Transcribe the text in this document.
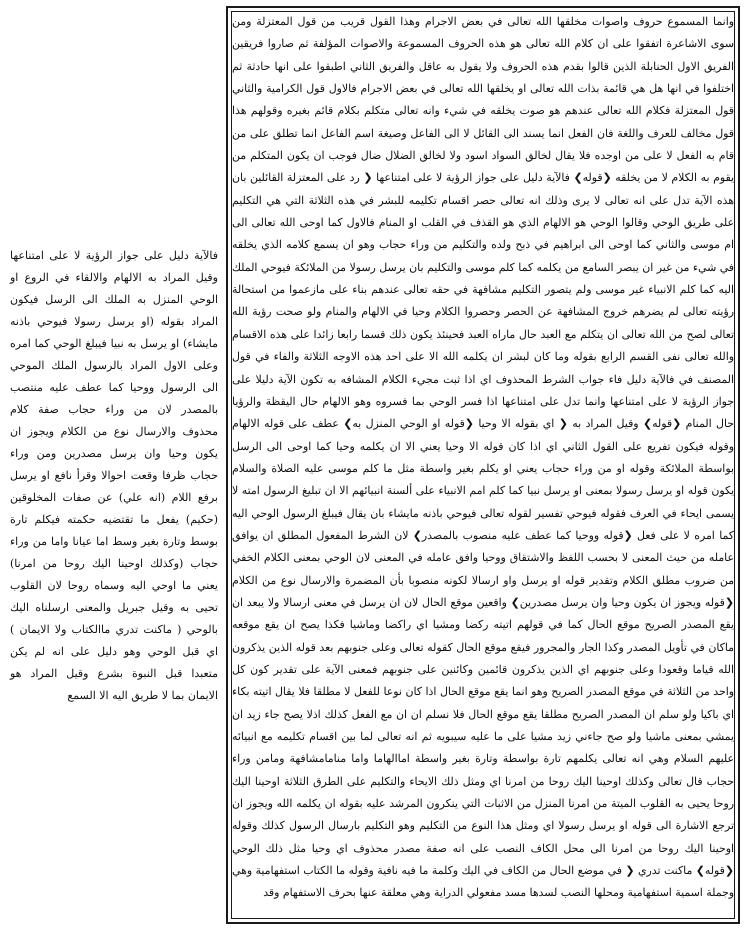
وانما المسموع حروف واصوات مخلقها الله تعالى في بعض الاجرام وهذا القول قريب من قول المعتزلة ومن سوى الاشاعرة اتفقوا على ان كلام الله تعالى هو هذه الحروف المسموعة والاصوات المؤلفة ثم صاروا فريقين الفريق الاول الحنابلة الذين قالوا بقدم هذه الحروف ولا يقول به عاقل والفريق الثاني اطبقوا على انها حادثة ثم اختلفوا في انها هل هي قائمة بذات الله تعالى او يخلقها الله تعالى في بعض الاجرام فالاول قول الكرامية والثاني قول المعتزلة فكلام الله تعالى عندهم هو صوت يخلقه في شيء وانه تعالى متكلم بكلام قائم بغيره وقولهم هذا قول مخالف للعرف واللغة فان الفعل انما يسند الى القائل لا الى الفاعل وصيغة اسم الفاعل انما تطلق على من قام به الفعل لا على من اوجده فلا يقال لخالق السواد اسود ولا لخالق الضلال ضال فوجب ان يكون المتكلم من يقوم به الكلام لا من يخلقه ❮قوله❯ فالآية دليل على جواز الرؤية لا على امتناعها ❮ رد على المعتزلة القائلين بان هذه الآية تدل على انه تعالى لا يرى وذلك انه تعالى حصر اقسام تكليمه للبشر في هذه الثلاثة التي هي التكليم على طريق الوحي وقالوا الوحي هو الالهام الذي هو القذف في القلب او المنام فالاول كما اوحى الله تعالى الى ام موسى والثاني كما اوحى الى ابراهيم في ذبح ولده والتكليم من وراء حجاب وهو ان يسمع كلامه الذي يخلقه في شيء من غير ان يبصر السامع من يكلمه كما كلم موسى والتكليم بان يرسل رسولا من الملائكة فيوحي الملك اليه كما كلم الانبياء غير موسى ولم يتصور التكليم مشافهة في حقه تعالى عندهم بناء على مازعموا من استحالة رؤيته تعالى لم يضرهم خروج المشافهة عن الحصر وحصروا الكلام وحيا في الالهام والمنام ولو صحت رؤية الله تعالى لصح من الله تعالى ان يتكلم مع العبد حال ماراه العبد فحينئذ يكون ذلك قسما رابعا زائدا على هذه الاقسام والله تعالى نفى القسم الرابع بقوله وما كان لبشر ان يكلمه الله الا على احد هذه الاوجه الثلاثة والفاء في قول المصنف في فالآية دليل فاء جواب الشرط المحذوف اي اذا ثبت مجيء الكلام المشافه به تكون الآية دليلا على جواز الرؤية لا على امتناعها وانما تدل على امتناعها اذا فسر الوحي بما فسروه وهو الالهام حال اليقظة والرؤيا حال المنام ❮قوله❯ وقيل المراد به ❮ اي بقوله الا وحيا ❮قوله او الوحي المنزل به❯ عطف على قوله الالهام وقوله فيكون تفريع على القول الثاني اي اذا كان قوله الا وحيا يعني الا ان يكلمه وحيا كما اوحى الى الرسل بواسطة الملائكة وقوله او من وراء حجاب يعني او يكلم بغير واسطة مثل ما كلم موسى عليه الصلاة والسلام يكون قوله او يرسل رسولا بمعنى او يرسل نبيا كما كلم امم الانبياء على ألسنة انبيائهم الا ان تبليغ الرسول امته لا يسمى ايحاء في العرف فقوله فيوحي تفسير لقوله تعالى فيوحي باذنه مايشاء بان يقال فيبلغ الرسول الوحي اليه كما امره لا على فعل ❮قوله ووحيا كما عطف عليه منصوب بالمصدر❯ لان الشرط المفعول المطلق ان يوافق عامله من حيث المعنى لا بحسب اللفظ والاشتقاق ووحيا وافق عامله في المعنى لان الوحي بمعنى الكلام الخفي من ضروب مطلق الكلام وتقدير قوله او يرسل واو ارسالا لكونه منصوبا بأن المضمرة والارسال نوع من الكلام ❮قوله ويجوز ان يكون وحيا وان يرسل مصدرين❯ واقعين موقع الحال لان ان يرسل في معنى ارسالا ولا يبعد ان يقع المصدر الصريح موقع الحال كما في قولهم اتيته ركضا ومشيا اي راكضا وماشيا فكذا يصح ان يقع موقعه ماكان في تأويل المصدر وكذا الجار والمجرور فيقع موقع الحال كقوله تعالى وعلى جنوبهم بعد قوله الذين يذكرون الله قياما وقعودا وعلى جنوبهم اي الذين يذكرون قائمين وكائنين على جنوبهم فمعنى الآية على تقدير كون كل واحد من الثلاثة في موقع المصدر الصريح وهو انما يقع موقع الحال اذا كان نوعا للفعل لا مطلقا فلا يقال اتيته بكاء اي باكيا ولو سلم ان المصدر الصريح مطلقا يقع موقع الحال فلا نسلم ان ان مع الفعل كذلك اذلا يصح جاء زيد ان يمشي بمعنى ماشيا ولو صح جاءني زيد مشيا على ما عليه سيبويه ثم انه تعالى لما بين اقسام تكليمه مع انبيائه عليهم السلام وهي انه تعالى يكلمهم تارة بواسطة وتارة بغير واسطة اماالهاما واما منامامشافهة ومامن وراء حجاب قال تعالى وكذلك اوحينا اليك روحا من امرنا اي ومثل ذلك الايحاء والتكليم على الطرق الثلاثة اوحينا اليك روحا يحيى به القلوب الميتة من امرنا المنزل من الاثبات التي ينكرون المرشد عليه بقوله ان يكلمه الله ويجوز ان ترجع الاشارة الى قوله او يرسل رسولا اي ومثل هذا النوع من التكليم وهو التكليم بارسال الرسول كذلك وقوله اوحينا اليك روحا من امرنا الى محل الكاف النصب على انه صفة مصدر محذوف اي وحيا مثل ذلك الوحي ❮قوله❯ ماكنت تدري ❮ في موضع الحال من الكاف في اليك وكلمة ما فيه نافية وقوله ما الكتاب استفهامية وهي وجملة اسمية استفهامية ومحلها النصب لسدها مسد مفعولي الدراية وهي معلقة عنها بحرف الاستفهام وقد

فالآية دليل على جواز الرؤية لا على امتناعها وقيل المراد به الالهام والالقاء في الروع او الوحي المنزل به الملك الى الرسل فيكون المراد بقوله (او يرسل رسولا فيوحي باذنه مايشاء) او يرسل به نبيا فيبلغ الوحي كما امره وعلى الاول المراد بالرسول الملك الموحي الى الرسول ووحيا كما عطف عليه منتصب بالمصدر لان من وراء حجاب صفة كلام محذوف والارسال نوع من الكلام ويجوز ان يكون وحيا وان يرسل مصدرين ومن وراء حجاب ظرفا وقعت احوالا وقرأ نافع او يرسل برفع اللام (انه علي) عن صفات المخلوقين (حكيم) يفعل ما تقتضيه حكمته فيكلم تارة بوسط وتارة بغير وسط اما عيانا واما من وراء حجاب (وكذلك اوحينا اليك روحا من امرنا) يعني ما اوحي اليه وسماه روحا لان القلوب تحيى به وقيل جبريل والمعنى ارسلناه اليك بالوحي ( ماكنت تدري ماالكتاب ولا الايمان ) اي قبل الوحي وهو دليل على انه لم يكن متعبدا قبل النبوة بشرع وقيل المراد هو الايمان بما لا طريق اليه الا السمع
